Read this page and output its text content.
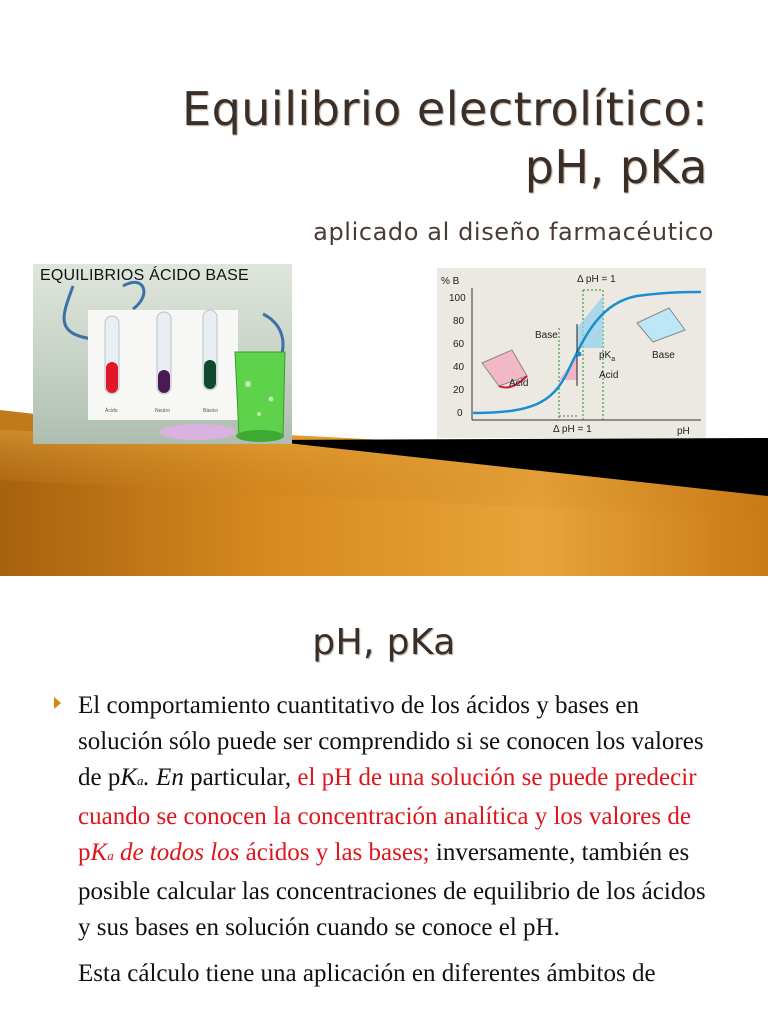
Equilibrio electrolítico:
pH, pKa
aplicado al diseño farmacéutico
Ácido	Neutro	Básico
EQUILIBRIOS ÁCIDO BASE	% B
100
80
60
40
20
0
Δ pH = 1
Δ pH = 1
Base
$pK_a$
Acid
Acid
Base
pH
pH, pKa
El comportamiento cuantitativo de los ácidos y bases en solución sólo puede ser comprendido si se conocen los valores de pKa. En particular, el pH de una solución se puede predecir cuando se conocen la concentración analítica y los valores de pKa de todos los ácidos y las bases; inversamente, también es posible calcular las concentraciones de equilibrio de los ácidos y sus bases en solución cuando se conoce el pH.
Esta cálculo tiene una aplicación en diferentes ámbitos de
